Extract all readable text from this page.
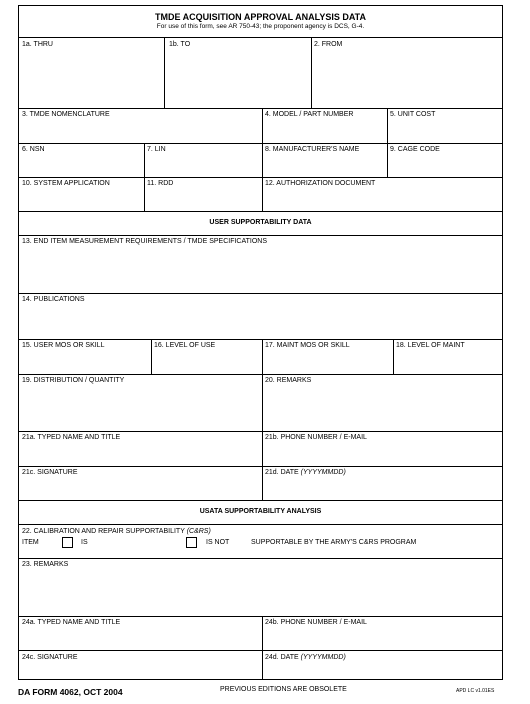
TMDE ACQUISITION APPROVAL ANALYSIS DATA
For use of this form, see AR 750-43; the proponent agency is DCS, G-4.
1a. THRU	1b. TO	2. FROM
3. TMDE NOMENCLATURE	4. MODEL / PART NUMBER	5. UNIT COST
6. NSN	7. LIN	8. MANUFACTURER'S NAME	9. CAGE CODE
10. SYSTEM APPLICATION	11. RDD	12. AUTHORIZATION DOCUMENT
USER SUPPORTABILITY DATA
13. END ITEM MEASUREMENT REQUIREMENTS / TMDE SPECIFICATIONS
14. PUBLICATIONS
15. USER MOS OR SKILL	16. LEVEL OF USE	17. MAINT MOS OR SKILL	18. LEVEL OF MAINT
19. DISTRIBUTION / QUANTITY	20. REMARKS
21a. TYPED NAME AND TITLE	21b. PHONE NUMBER / E-MAIL
21c. SIGNATURE	21d. DATE (YYYYMMDD)
USATA SUPPORTABILITY ANALYSIS
22. CALIBRATION AND REPAIR SUPPORTABILITY (C&RS)
ITEM	IS	IS NOT	SUPPORTABLE BY THE ARMY'S C&RS PROGRAM
23. REMARKS
24a. TYPED NAME AND TITLE	24b. PHONE NUMBER / E-MAIL
24c. SIGNATURE	24d. DATE (YYYYMMDD)
DA FORM 4062, OCT 2004	PREVIOUS EDITIONS ARE OBSOLETE	APD LC v1.01ES
